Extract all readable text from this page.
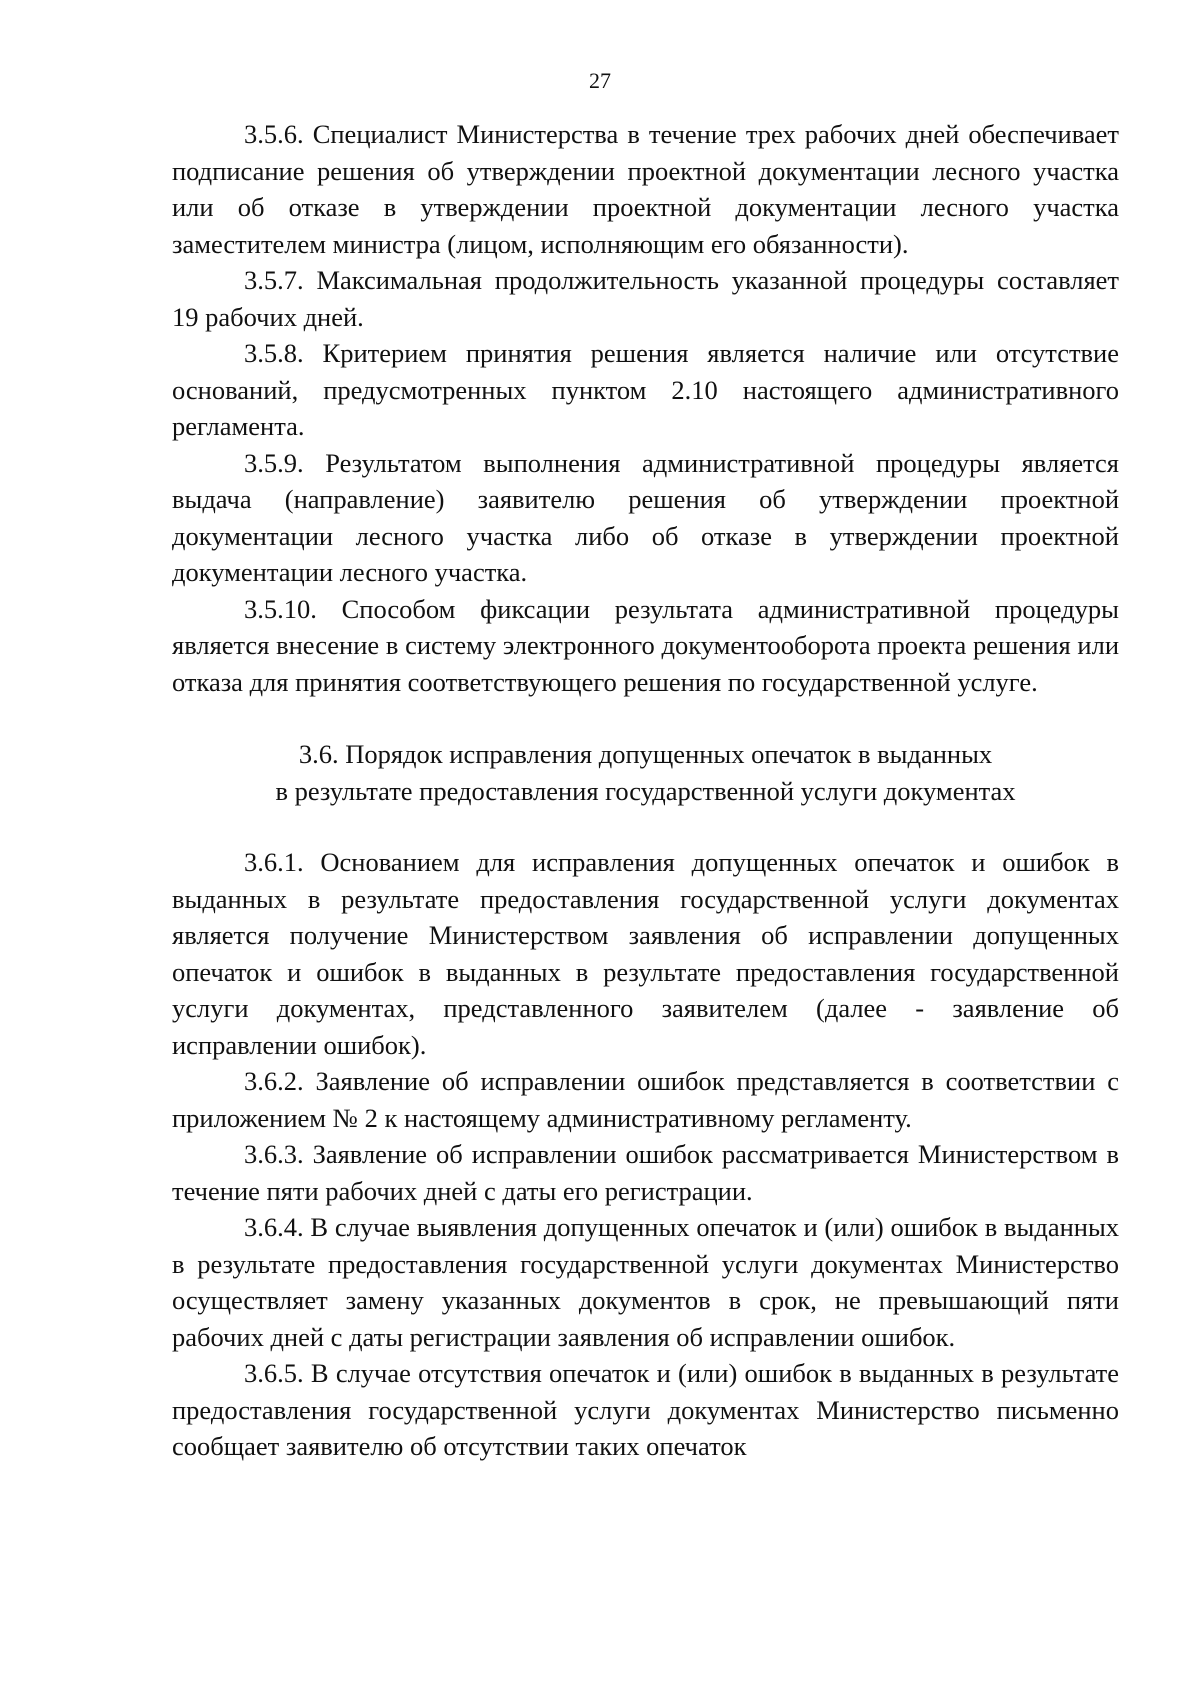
27

3.5.6. Специалист Министерства в течение трех рабочих дней обеспечивает подписание решения об утверждении проектной документации лесного участка или об отказе в утверждении проектной документации лесного участка заместителем министра (лицом, исполняющим его обязанности).

3.5.7. Максимальная продолжительность указанной процедуры составляет 19 рабочих дней.

3.5.8. Критерием принятия решения является наличие или отсутствие оснований, предусмотренных пунктом 2.10 настоящего административного регламента.

3.5.9. Результатом выполнения административной процедуры является выдача (направление) заявителю решения об утверждении проектной документации лесного участка либо об отказе в утверждении проектной документации лесного участка.

3.5.10. Способом фиксации результата административной процедуры является внесение в систему электронного документооборота проекта решения или отказа для принятия соответствующего решения по государственной услуге.

3.6. Порядок исправления допущенных опечаток в выданных
в результате предоставления государственной услуги документах

3.6.1. Основанием для исправления допущенных опечаток и ошибок в выданных в результате предоставления государственной услуги документах является получение Министерством заявления об исправлении допущенных опечаток и ошибок в выданных в результате предоставления государственной услуги документах, представленного заявителем (далее - заявление об исправлении ошибок).

3.6.2. Заявление об исправлении ошибок представляется в соответствии с приложением № 2 к настоящему административному регламенту.

3.6.3. Заявление об исправлении ошибок рассматривается Министерством в течение пяти рабочих дней с даты его регистрации.

3.6.4. В случае выявления допущенных опечаток и (или) ошибок в выданных в результате предоставления государственной услуги документах Министерство осуществляет замену указанных документов в срок, не превышающий пяти рабочих дней с даты регистрации заявления об исправлении ошибок.

3.6.5. В случае отсутствия опечаток и (или) ошибок в выданных в результате предоставления государственной услуги документах Министерство письменно сообщает заявителю об отсутствии таких опечаток
